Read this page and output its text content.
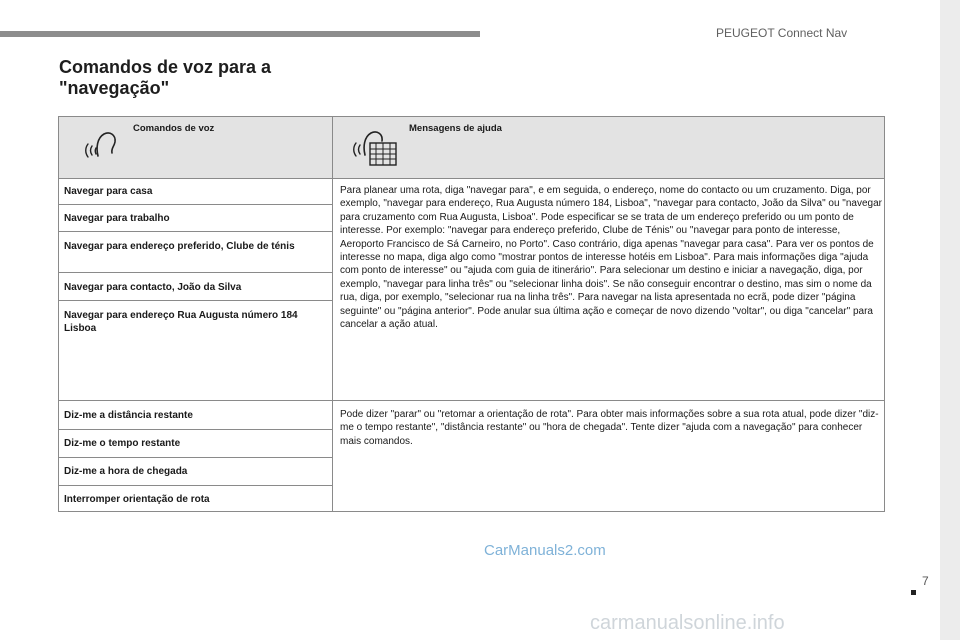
PEUGEOT Connect Nav
7
Comandos de voz para a
"navegação"
Comandos de voz	Mensagens de ajuda
Navegar para casa
Navegar para trabalho
Navegar para endereço preferido, Clube de ténis
Navegar para contacto, João da Silva
Navegar para endereço Rua Augusta número 184 Lisboa
Para planear uma rota, diga "navegar para", e em seguida, o endereço, nome do contacto ou um cruzamento. Diga, por exemplo, "navegar para endereço, Rua Augusta número 184, Lisboa", "navegar para contacto, João da Silva" ou "navegar para cruzamento com Rua Augusta, Lisboa". Pode especificar se se trata de um endereço preferido ou um ponto de interesse. Por exemplo: "navegar para endereço preferido, Clube de Ténis" ou "navegar para ponto de interesse, Aeroporto Francisco de Sá Carneiro, no Porto". Caso contrário, diga apenas "navegar para casa". Para ver os pontos de interesse no mapa, diga algo como "mostrar pontos de interesse hotéis em Lisboa". Para mais informações diga "ajuda com ponto de interesse" ou "ajuda com guia de itinerário". Para selecionar um destino e iniciar a navegação, diga, por exemplo, "navegar para linha três" ou "selecionar linha dois". Se não conseguir encontrar o destino, mas sim o nome da rua, diga, por exemplo, "selecionar rua na linha três". Para navegar na lista apresentada no ecrã, pode dizer "página seguinte" ou "página anterior". Pode anular sua última ação e começar de novo dizendo "voltar", ou diga "cancelar" para cancelar a ação atual.
Diz-me a distância restante
Diz-me o tempo restante
Diz-me a hora de chegada
Interromper orientação de rota
Pode dizer "parar" ou "retomar a orientação de rota". Para obter mais informações sobre a sua rota atual, pode dizer "diz-me o tempo restante", "distância restante" ou "hora de chegada". Tente dizer "ajuda com a navegação" para conhecer mais comandos.
CarManuals2.com
carmanualsonline.info
